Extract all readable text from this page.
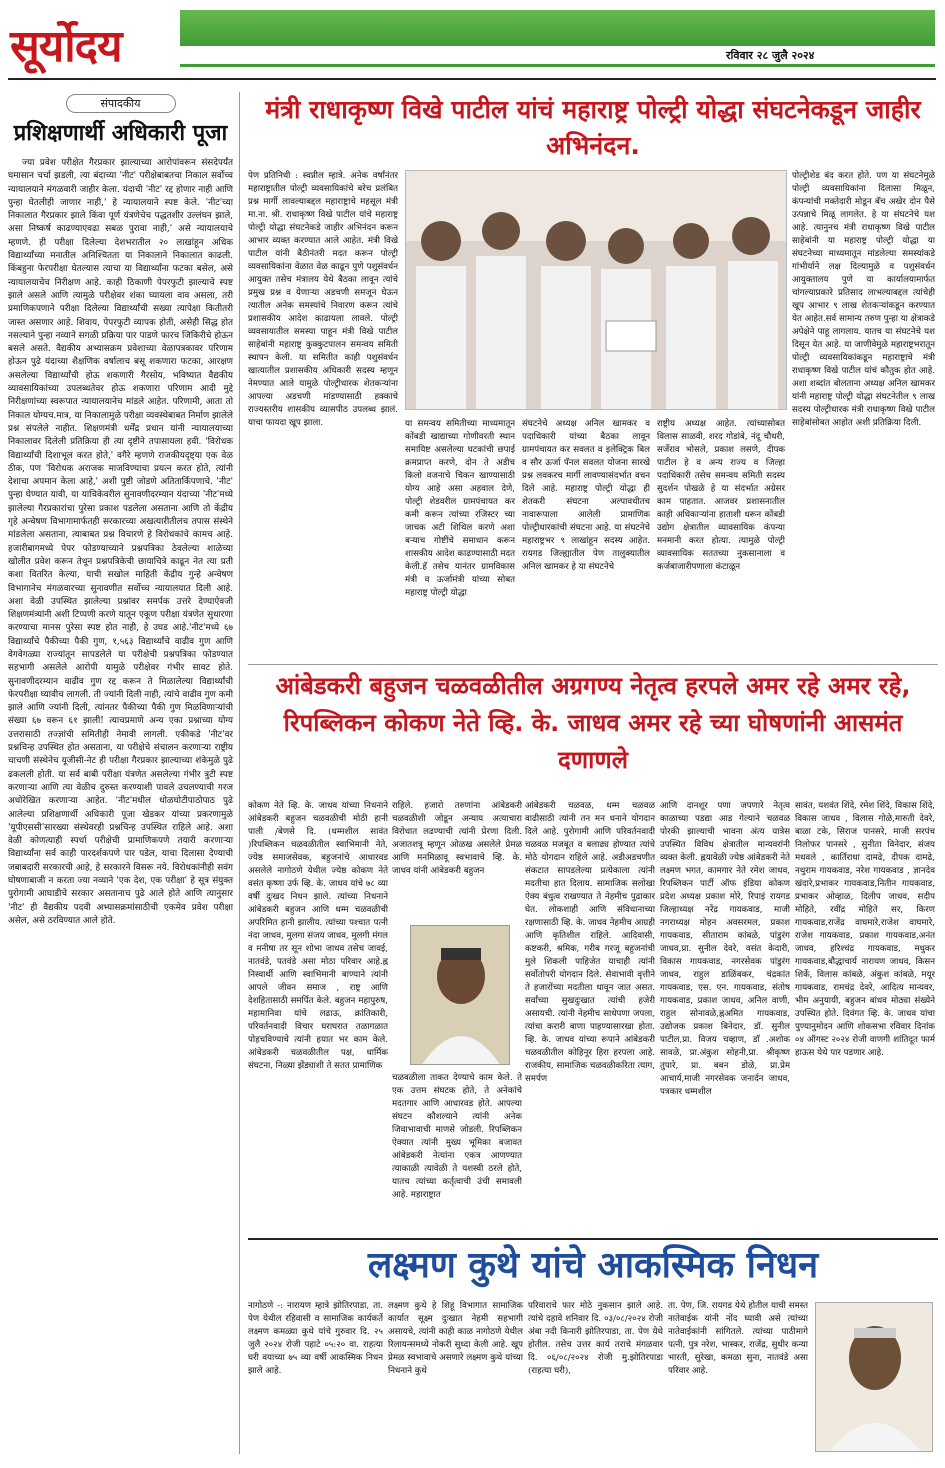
सूर्योदय	रविवार २८ जुलै २०२४
संपादकीय
प्रशिक्षणार्थी अधिकारी पूजा
ज्या प्रवेश परीक्षेत गैरप्रकार झाल्याच्या आरोपांवरून संसदेपर्यंत घमासान चर्चा झडली, त्या बंदाच्या 'नीट' परीक्षेबाबतचा निकाल सर्वोच्च न्यायालयाने मंगळवारी जाहीर केला. यंदाची 'नीट' रद्द होणार नाही आणि पुन्हा घेतलीही जाणार नाही,' हे न्यायालयाने स्पष्ट केले. 'नीट'च्या निकालात गैरप्रकार झाले किंवा पूर्ण यंत्रणेचेच पद्धतशीर उल्लंघन झाले, असा निष्कर्ष काढण्याएवढा सबळ पुरावा नाही,' असे न्यायालयाचे म्हणणे. ही परीक्षा दिलेल्या देशभरातील २० लाखांहून अधिक विद्यार्थ्यांच्या मनातील अनिश्चितता या निकालाने निकालात काढली. किंबहुना फेरपरीक्षा घेतल्यास त्याचा या विद्यार्थ्यांना फटका बसेल, असे न्यायालयाचेच निरीक्षण आहे. काही ठिकाणी पेपरफुटी झाल्याचे स्पष्ट झाले असले आणि त्यामुळे परीक्षेवर शंका घ्यायला वाव असला, तरी प्रमाणिकपणाने परीक्षा दिलेल्या विद्यार्थ्यांची सख्या त्यापेक्षा कितीतरी जास्त असणार आहे. शिवाय, पेपरफुटी व्यापक होती, असेही सिद्ध होत नसल्याने पुन्हा नव्याने सगळी प्रक्रिया पार पाडणे फारच जिकिरीचे होऊन बसले असते. वैद्यकीय अभ्यासक्रम प्रवेशाच्या वेळापत्रकावर परिणाम होऊन पुढे यंदाच्या शैक्षणिक वर्षालाच बसू शकणारा फटका, आरक्षण असलेल्या विद्यार्थ्यांची होऊ शकणारी गैरसोय, भविष्यात वैद्यकीय व्यावसायिकांच्या उपलब्धतेवर होऊ शकणारा परिणाम आदी मुद्दे निरीक्षणांच्या स्वरूपात न्यायालयानेच मांडले आहेत. परिणामी, आता तो निकाल योग्यच.मात्र, या निकालामुळे परीक्षा व्यवस्थेबाबत निर्माण झालेले प्रश्न संपलेले नाहीत. शिक्षणमंत्री धर्मेंद्र प्रधान यांनी न्यायालयाच्या निकालावर दिलेली प्रतिक्रिया ही त्या दृष्टीने तपासायला हवी. 'विरोधक विद्यार्थ्यांची दिशाभूल करत होते,' वगैरे म्हणणे राजकीयदृष्ट्या एक वेळ ठीक, पण 'विरोधक अराजक माजविण्याचा प्रयत्न करत होते, त्यांनी देशाचा अपमान केला आहे,' अशी पुष्टी जोडणे अतितार्किपणाचे. 'नीट' पुन्हा घेण्यात यावी, या याचिकेवरील सुनावणीदरम्यान यंदाच्या 'नीट'मध्ये झालेल्या गैरप्रकारांचा पुरेसा प्रकाश पडलेला असताना आणि तो केंद्रीय गृहे अन्वेषण विभागामार्फतही सरकारच्या अखत्यारीतीलच तपास संस्थेने मांडलेला असताना, त्याबाबत प्रश्न विचारणे हे विरोधकांचे कामच आहे. हजारीबागमध्ये पेपर फोडण्याच्याने प्रश्नपत्रिका ठेवलेल्या शाळेच्या खोलीत प्रवेश करून तेथून प्रश्नपत्रिकेची छायाचित्रे काढून नेत त्या प्रती कशा वितरित केल्या, याची सखोल माहिती केंद्रीय गुन्हे अन्वेषण विभागानेच मंगळवारच्या सुनावणीत सर्वोच्च न्यायालयात दिली आहे. अशा वेळी उपस्थित झालेल्या प्रश्नांवर समर्पक उत्तरे देण्याऐवजी शिक्षणमंत्र्यांनी अशी टिप्पणी करणे यातून एकूण परीक्षा यंत्रणेत सुधारणा करण्याचा मानस पुरेसा स्पष्ट होत नाही, हे उघड आहे.'नीट'मध्ये ६७ विद्यार्थ्यांचे पैकीच्या पैकी गुण, १,५६३ विद्यार्थ्यांचे वाढीव गुण आणि वेगवेगळ्या राज्यांतून सापडलेले या परीक्षेची प्रश्नपत्रिका फोडण्यात सहभागी असलेले आरोपी यामुळे परीक्षेवर गंभीर सावट होते. सुनावणीदरम्यान वाढीव गुण रद्द करून ते मिळालेल्या विद्यार्थ्यांची फेरपरीक्षा घ्यावीच लागली. ती ज्यांनी दिली नाही, त्यांचे वाढीव गुण कमी झाले आणि ज्यांनी दिली, त्यांनतर पैकीच्या पैकी गुण मिळविणाऱ्यांची संख्या ६७ वरून ६१ झाली! त्याचप्रमाणे अन्य एका प्रश्नाच्या योग्य उत्तरासाठी तज्ज्ञांची समितीही नेमावी लागली. एकीकडे 'नीट'वर प्रश्नचिन्ह उपस्थित होत असताना, या परीक्षेचे संचालन करणाऱ्या राष्ट्रीय चाचणी संस्थेनेच यूजीसी-नेट ही परीक्षा गैरप्रकार झाल्याच्या शंकेमुळे पुढे ढकलली होती. या सर्व बाबी परीक्षा यंत्रणेत असलेल्या गंभीर त्रुटी स्पष्ट करणाऱ्या आणि त्या वेळीच दुरुस्त करण्याशी पावले उचलण्याची गरज अधोरेखित करणाऱ्या आहेत. 'नीट'मधील धोळघोटीपाठोपाठ पुढे आलेल्या प्रशिक्षणार्थी अधिकारी पूजा खेडकर यांच्या प्रकरणामुळे 'यूपीएससी'सारख्या संस्थेवरही प्रश्नचिन्ह उपस्थित राहिले आहे. अशा वेळी कोणत्याही स्पर्धा परीक्षेची प्रामाणिकपणे तयारी करणाऱ्या विद्यार्थ्यांना सर्व काही पारदर्शकपणे पार पडेल, याचा दिलासा देण्याची जबाबदारी सरकारची आहे, हे सरकारने विसरू नये. विरोधकांनीही सवंग घोषणाबाजी न करता ज्या नव्याने 'एक देश, एक परीक्षा' हे सूत्र संयुक्त पुरोगामी आघाडीचे सरकार असतानाच पुढे आले होते आणि त्यानुसार 'नीट' ही वैद्यकीय पदवी अभ्यासक्रमांसाठीची एकमेव प्रवेश परीक्षा असेल, असे ठरविण्यात आले होते.
मंत्री राधाकृष्ण विखे पाटील यांचं महाराष्ट्र पोल्ट्री योद्धा संघटनेकडून जाहीर अभिनंदन.
पेण प्रतिनिधी : स्वप्नील म्हात्रे. अनेक वर्षांनंतर महाराष्ट्रातील पोल्ट्री व्यवसायिकांचे बरेच प्रलंबित प्रश्न मार्गी लावल्याबद्दल महाराष्ट्राचे महसूल मंत्री मा.ना. श्री. राधाकृष्ण विखे पाटील यांचे महाराष्ट्र पोल्ट्री योद्धा संघटनेकडे जाहीर अभिनंदन करून आभार व्यक्त करण्यात आले आहेत. मंत्री विखे पाटील यांनी बैठीनंतरी मदत करून पोल्ट्री व्यवसायिकांना वेळात वेळ काढून पुणे पशुसंवर्धन आयुक्त तसेच मंत्रालय येथे बैठका लावून त्यांचे प्रमुख प्रश्न व येणाऱ्या अडचणी समजून घेऊन त्यातील अनेक समस्यांचे निवारण करून त्यांचे प्रशासकीय आदेश काढायला लावले. पोल्ट्री व्यवसायातील समस्या पाहून मंत्री विखे पाटील साहेबांनी महाराष्ट्र कुक्कुटपालन समन्वय समिती स्थापन केली. या समितीत काही पशुसंवर्धन खात्यातील प्रशासकीय अधिकारी सदस्य म्हणून नेमण्यात आले यामुळे पोल्ट्रीधारक शेतकऱ्यांना आपल्या अडचणी मांडण्यासाठी हक्काचे राज्यस्तरीय शासकीय व्यासपीठ उपलब्ध झालं. याचा फायदा खूप झाला.	या समन्वय समितीच्या माध्यमातून कोंबडी खाद्याच्या गोणीवरती स्थान समायिष्ट असलेल्या घटकांची छपाई क्रमप्राप्त करणे, दोन ते अडीच किलो वजनाचे चिकन खाण्यासाठी योग्य आहे असा अहवाल देणे, पोल्ट्री शेडवरील ग्रामपंचायत कर कमी करून त्यांच्या रजिस्टर च्या जाचक अटी शिथिल करणे अशा बऱ्याच गोष्टींचे समाधान करून शासकीय आदेश काढण्यासाठी मदत केली.हॅ तसेच यानंतर ग्रामविकास मंत्री व ऊर्जामंत्री यांच्या सोबत महाराष्ट्र पोल्ट्री योद्धा
संघटनेचे अध्यक्ष अनिल खामकर व पदाधिकारी यांच्या बैठका लावून ग्रामपंचायत कर सवलत व इलेक्ट्रिक बिल व सौर ऊर्जा पॅनल सवलत योजना सारखे प्रश्न लवकरच मार्गी लावण्यासंदर्भात वचन दिले आहे. महाराष्ट्र पोल्ट्री योद्धा ही शेतकरी संघटना अल्पावधीतच नावारूपाला आलेली प्रामाणिक पोल्ट्रीधारकांची संघटना आहे. या संघटनेचे महाराष्ट्रभर ९ लाखांहून सदस्य आहेत. रायगड जिल्ह्यातील पेण तालुक्यातील अनिल खामकर हे या संघटनेचे
राष्ट्रीय अध्यक्ष आहेत. त्यांच्यासोबत विलास साळवी, शरद गोडांबे, नंदू चौधरी, सर्जेराव भोसले, प्रकाश लसणे, दीपक पाटील हे व अन्य राज्य व जिल्हा पदाधिकारी तसेच समन्वय समिती सदस्य सुदर्शन पोखळे हे या संदर्भात अग्रेसर काम पाहतात. आजवर प्रशासनातील काही अधिकाऱ्यांना हाताशी धरून कोंबडी उद्योग क्षेत्रातील व्यावसायिक कंपन्या मनमानी करत होत्या. त्यामुळे पोल्ट्री व्यावसायिक सततच्या नुकसानाला व कर्जबाजारीपणाला कंटाळून
पोल्ट्रीशेड बंद करत होते. पण या संघटनेमुळे पोल्ट्री व्यवसायिकांना दिलासा मिळून, कंपन्यांची मक्तेदारी मोडून बॅच अखेर दोन पैसे उत्पन्नाचे मिळू लागलेत. हे या संघटनेचे यश आहे. त्यानुनच मंत्री राधाकृष्ण विखे पाटील साहेबांनी या महाराष्ट्र पोल्ट्री योद्धा या संघटनेच्या माध्यमातून मांडलेल्या समस्यांकडे गांभीर्याने लक्ष दिल्यामुळे व पशुसंवर्धन आयुक्तालय पुणे या कार्यालयामार्फत चांगल्याप्रकारे प्रतिसाद लाभल्याबद्दल त्यांचेही खूप आभार ९ लाख शेतकऱ्यांकडून करण्यात येत आहेत.सर्व सामान्य तरुण पुन्हा या क्षेत्राकडे अपेक्षेने पाहू लागलाय. यातच या संघटनेचे यश दिसून येत आहे. या जाणीवेमुळे महाराष्ट्रभरातून पोल्ट्री व्यवसायिकांकडून महाराष्ट्राचे मंत्री राधाकृष्ण विखे पाटील यांचं कौतुक होत आहे. अशा शब्दांत बोलताना अध्यक्ष अनिल खामकर यांनी महाराष्ट्र पोल्ट्री योद्धा संघटनेतील ९ लाख सदस्य पोल्ट्रीधारक मंत्री राधाकृष्ण विखे पाटील साहेबांसोबत आहोत अशी प्रतिक्रिया दिली.
आंबेडकरी बहुजन चळवळीतील अग्रगण्य नेतृत्व हरपले अमर रहे अमर रहे, रिपब्लिकन कोकण नेते व्हि. के. जाधव अमर रहे च्या घोषणांनी आसमंत दणाणले
कोकण नेते व्हि. के. जाधव यांच्या निधनाने आंबेडकरी बहुजन चळवळीची मोठी हानी पाली /बेणसे दि. (धम्मशील सावंत )रिपब्लिकन चळवळीतील स्वाभिमानी नेते, ज्येष्ठ समाजसेवक, बहुजनांचे आधारवड असलेले नागोठणे येथील ज्येष्ठ कोकण नेते वसंत कृष्णा उर्फ व्हि. के. जाधव यांचे ७८ व्या वर्षी दुःखद निधन झाले. त्यांच्या निधनाने आंबेडकरी बहुजन आणि धम्म चळवळीची अपरिमित हानी झालीय. त्यांच्या पश्चात पत्नी नंदा जाधव, मुलगा संजय जाधव, मुलगी मंगल व मनीषा तर सून शोभा जाधव तसेच जावई, नातवंडे, पतवंडे असा मोठा परिवार आहे.ह्न निस्वार्थी आणि स्वाभिमानी बाण्याने त्यांनी आपले जीवन समाज , राष्ट्र आणि देशहितासाठी समर्पित केले. बहुजन महापुरुष, महामानिवा यांचे लढाऊ, क्रांतिकारी, परिवर्तनवादी विचार घराघरात तळागळात पोहचविण्याचे त्यांनी हयात भर काम केले. आंबेडकरी चळवळीतील पक्ष, धार्मिक संघटना, निळ्या झेंड्याशी ते सतत प्रामाणिक
राहिले. हजारो तरुणांना आंबेडकरी चळवळीशी जोडून अन्याय अत्याचारा विरोधात लढण्याची त्यांनी प्रेरणा दिली. अजातशत्रू म्हणून ओळख असलेले प्रेमळ आणि मनमिळावू स्वभावाचे व्हि. के. जाधव यांनी आंबेडकरी बहुजन
चळवळीला ताकत देण्याचे काम केले. ते एक उत्तम संघटक होते, ते अनेकांचे मदतगार आणि आधारवड होते. आपल्या संघटन कौशल्याने त्यांनी अनेक जिवाभावाची माणसे जोडली. रिपब्लिकन ऐक्यात त्यांनी मुख्य भूमिका बजावत आंबेडकरी नेत्यांना एकत्र आणण्यात त्याकाळी त्यावेळी ते यशस्वी ठरले होते, यातच त्यांच्या कर्तृत्वाची उंची समावली आहे. महाराष्ट्रात
आंबेडकरी चळवळ, धम्म चळवळ वाढीसाठी त्यांनी तन मन धनाने योगदान दिले आहे. पुरोगामी आणि परिवर्तनवादी चळवळ मजबूत व बलाढ्य होण्यात त्यांचे मोठे योगदान राहिले आहे. अडीअडचणीत संकटात सापडलेल्या प्रत्येकाला त्यांनी मदतीचा हात दिलाय. सामाजिक सलोखा ऐक्य बंधुत्व राखण्यात ते नेहमीच पुढाकार घेत. लोकशाही आणि संविधानाच्या रक्षणासाठी व्हि. के. जाधव नेहमीच आग्रही आणि कृतिशील राहिले. आदिवासी, कष्टकरी, श्रमिक, गरीब गरजू बहुजनांची मुले शिकली पाहिजेत याचाही त्यांनी सर्वोतोपरी योगदान दिले. सेवाभावी वृत्तीने ते हजारोंच्या मदतीला धावून जात असत. सर्वांच्या सुखदुःखात त्यांची हजेरी असायची. त्यांनी नेहमीच साधेपणा जपला, त्यांचा करारी बाणा पाहण्यासारखा होता. व्हि. के. जाधव यांच्या रूपाने आंबेडकरी चळवळीतील कोहिनूर हिरा हरपला आहे. राजकीय, सामाजिक चळवळीकरिता त्याग, समर्पण
आणि दानशूर पणा जपणारे नेतृत्व काळाच्या पडद्या आड गेल्याने चळवळ पोरकी झाल्याची भावना अंत्य यात्रेस उपस्थित विविध क्षेत्रातील मान्यवरांनी व्यक्त केली. ह्नयावेळी ज्येष्ठ आंबेडकरी नेते लक्ष्मण भगत, कामगार नेते रमेश जाधव, रिपब्लिकन पार्टी ऑफ इंडिया कोकण प्रदेश अध्यक्ष प्रकाश मोरे, रिपाइं रायगड जिल्हाध्यक्ष नरेंद्र गायकवाड, माजी नगराध्यक्ष मोहन अवसरमल, प्रकाश गायकवाड, सीताराम कांबळे, पांडुरंग जाधव,प्रा. सुनील देवरे, वसंत केदारी, विकास गायकवाड, नगरसेवक पांडुरंग जाधव, राहुल डाळिंबकर, चंद्रकांत गायकवाड, एस. एन. गायकवाड, संतोष गायकवाड, प्रकाश जाधव, अनिल वाणी, राहुल सोनावळे,ह्नअमित गायकवाड, उद्योजक प्रकाश बिनेदार, डॉ. सुनील पाटील,प्रा. विजय चव्हाण, डॉ .अशोक सावळे, प्रा.अंकुश सोहनी,प्रा. श्रीकृष्ण तुपारे, प्रा. बबन डोळे, प्रा.प्रेम आचार्य,माजी नगरसेवक जनार्दन जाधव, पत्रकार धम्मशील
सावंत, यशवंत शिंदे, रमेश शिंदे, विकास शिंदे, विकास जाधव , विलास गोळे,मारुती देवरे, बाळा टके, सिराज पानसरे, माजी सरपंच निलोफर पानसरे , सुनीता विनेदार, संजय मधवले , कार्तिराधा दामढे, दीपक दामढे, नथुराम गायकवाड, नरेश गायकवाड , ज्ञानदेव खंदारे,प्रभाकर गायकवाड,नितीन गायकवाड, प्रभाकर ओव्हाळ, दिलीप जाधव, सदीप मोहिते, रवींद्र मोहिते सर, किरण गायकवाड,राजेंद्र वाघमारे,राजेश वाघमारे, राजेश गायकवाड, प्रकाश गायकवाड,अनंत जाधव, हरिश्चंद्र गायकवाड, मधुकर गायकवाड,बौद्धाचार्य नारायण जाधव, किसन शिर्के, विलास कांबळे, अंकुश कांबळे, मयूर गायकवाड, रामचंद्र देवरे, आदित्य मान्यवर, भीम अनुयायी, बहुजन बांधव मोठ्या संख्येने उपस्थित होते. दिवंगत व्हि. के. जाधव यांचा पुण्यानुमोदन आणि शोकसभा रविवार दिनांक ०४ ऑगस्ट २०२४ रोजी वाणगी शांतिदूत फार्म हाऊस येथे पार पडणार आहे.
लक्ष्मण कुथे यांचे आकस्मिक निधन
नागोठणे -: नारायण म्हात्रे झोतिरपाडा, ता. पेण येथील रहिवासी व सामाजिक कार्यकर्ते लक्ष्मण कमळ्या कुथे यांचे गुरुवार दि. २५ जुलै २०२४ रोजी पहाटे ०५:२० वा. राहत्या घरी वयाच्या ७५ व्या वर्षी आकस्मिक निधन झाले आहे.
लक्ष्मण कुथे हे शिहू विभागात सामाजिक कार्यात सूक्ष्म दुःखात नेहमी सहभागी असायचे, त्यांनी काही काळ नागोठणे येथील रिलायन्समध्ये नोकरी सुध्दा केली आहे. खूप प्रेमळ स्वभावाचे असणारे लक्ष्मण कुथे यांच्या निधनाने कुथे
परिवाराचे फार मोठे नुकसान झाले आहे. त्यांचे दहावे शनिवार दि. ०३/०८/२०२४ रोजी अंबा नदी किनारी झोतिरपाडा, ता. पेण येथे होतील. तसेच उत्तर कार्य तराचे मंगळवार दि. ०६/०८/२०२४ रोजी मु.झोतिरपाडा (राहत्या घरी),
ता. पेण, जि. रायगड येथे होतील याची समस्त नातेवाईक यांनी नोंद घ्यावी असे त्यांच्या नातेवाईकांनी सांगितले. त्यांच्या पाठीमागे पत्नी, पुत्र नरेश, भास्कर, राजेंद्र, सुधीर कन्या भारती, सुरेखा, कमळा सुना, नातवंडे असा परिवार आहे.
